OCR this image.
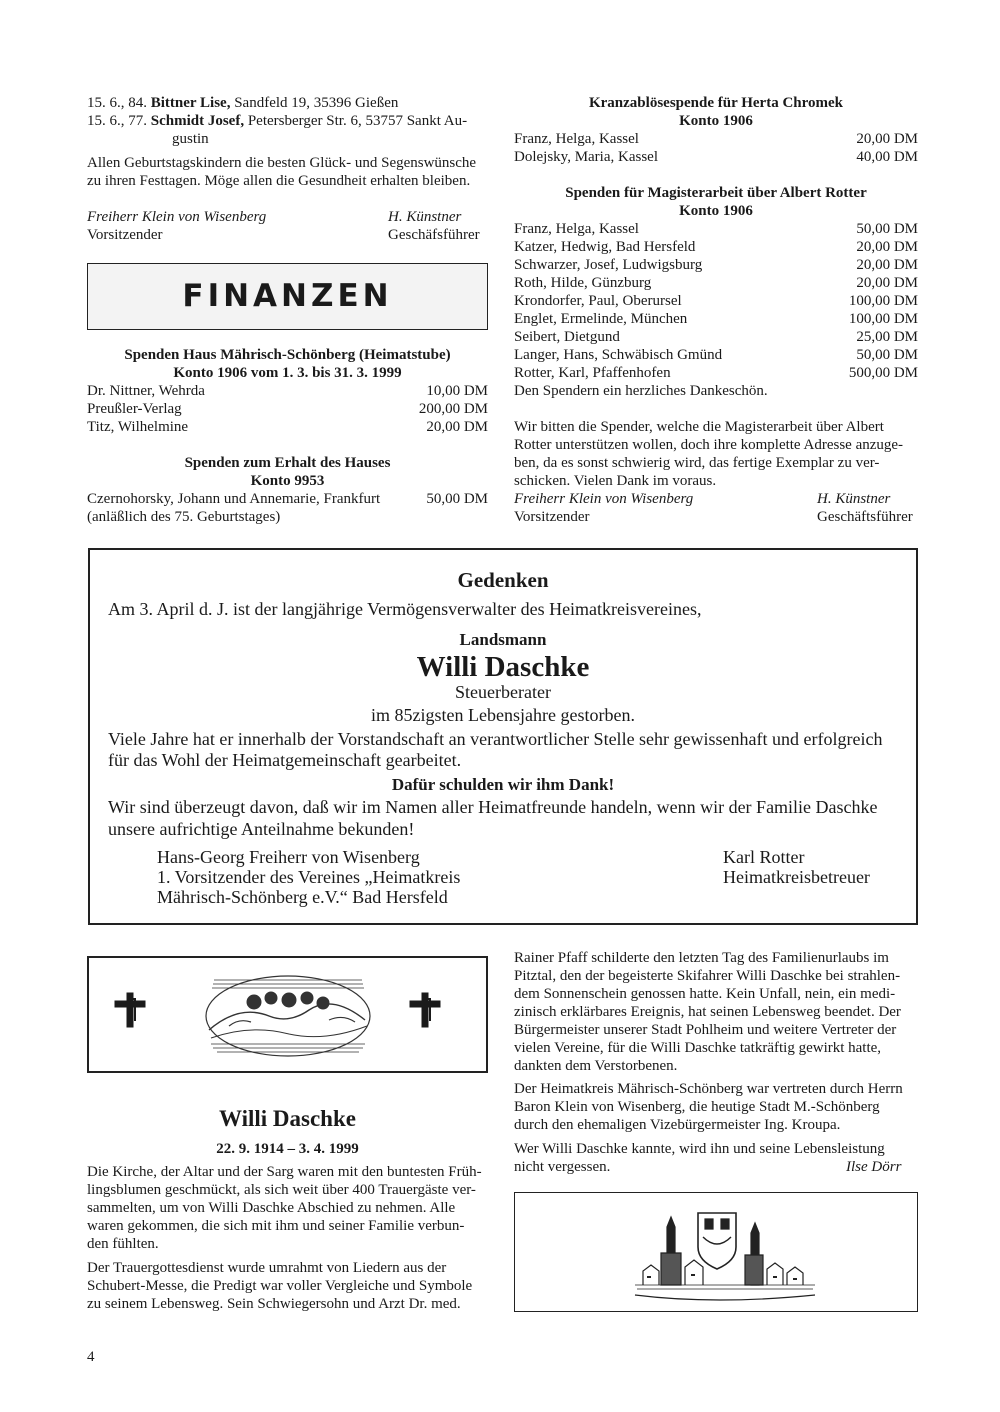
15. 6., 84. Bittner Lise, Sandfeld 19, 35396 Gießen
15. 6., 77. Schmidt Josef, Petersberger Str. 6, 53757 Sankt Au-
gustin
Allen Geburtstagskindern die besten Glück- und Segenswünsche
zu ihren Festtagen. Möge allen die Gesundheit erhalten bleiben.
Freiherr Klein von Wisenberg
Vorsitzender
H. Künstner
Geschäfsführer
FINANZEN
Spenden Haus Mährisch-Schönberg (Heimatstube)
Konto 1906 vom 1. 3. bis 31. 3. 1999
Dr. Nittner, Wehrda	10,00 DM
Preußler-Verlag	200,00 DM
Titz, Wilhelmine	20,00 DM
Spenden zum Erhalt des Hauses
Konto 9953
Czernohorsky, Johann und Annemarie, Frankfurt	50,00 DM
(anläßlich des 75. Geburtstages)
Kranzablösespende für Herta Chromek
Konto 1906
Franz, Helga, Kassel	20,00 DM
Dolejsky, Maria, Kassel	40,00 DM
Spenden für Magisterarbeit über Albert Rotter
Konto 1906
Franz, Helga, Kassel	50,00 DM
Katzer, Hedwig, Bad Hersfeld	20,00 DM
Schwarzer, Josef, Ludwigsburg	20,00 DM
Roth, Hilde, Günzburg	20,00 DM
Krondorfer, Paul, Oberursel	100,00 DM
Englet, Ermelinde, München	100,00 DM
Seibert, Dietgund	25,00 DM
Langer, Hans, Schwäbisch Gmünd	50,00 DM
Rotter, Karl, Pfaffenhofen	500,00 DM
Den Spendern ein herzliches Dankeschön.
Wir bitten die Spender, welche die Magisterarbeit über Albert
Rotter unterstützen wollen, doch ihre komplette Adresse anzuge-
ben, da es sonst schwierig wird, das fertige Exemplar zu ver-
schicken. Vielen Dank im voraus.
Freiherr Klein von Wisenberg
Vorsitzender
H. Künstner
Geschäftsführer
Gedenken
Am 3. April d. J. ist der langjährige Vermögensverwalter des Heimatkreisvereines,
Landsmann
Willi Daschke
Steuerberater
im 85zigsten Lebensjahre gestorben.
Viele Jahre hat er innerhalb der Vorstandschaft an verantwortlicher Stelle sehr gewissenhaft und erfolgreich
für das Wohl der Heimatgemeinschaft gearbeitet.
Dafür schulden wir ihm Dank!
Wir sind überzeugt davon, daß wir im Namen aller Heimatfreunde handeln, wenn wir der Familie Daschke
unsere aufrichtige Anteilnahme bekunden!
Hans-Georg Freiherr von Wisenberg
1. Vorsitzender des Vereines „Heimatkreis
Mährisch-Schönberg e.V.“ Bad Hersfeld
Karl Rotter
Heimatkreisbetreuer
Willi Daschke
22. 9. 1914 – 3. 4. 1999
Die Kirche, der Altar und der Sarg waren mit den buntesten Früh-
lingsblumen geschmückt, als sich weit über 400 Trauergäste ver-
sammelten, um von Willi Daschke Abschied zu nehmen. Alle
waren gekommen, die sich mit ihm und seiner Familie verbun-
den fühlten.
Der Trauergottesdienst wurde umrahmt von Liedern aus der
Schubert-Messe, die Predigt war voller Vergleiche und Symbole
zu seinem Lebensweg. Sein Schwiegersohn und Arzt Dr. med.
Rainer Pfaff schilderte den letzten Tag des Familienurlaubs im
Pitztal, den der begeisterte Skifahrer Willi Daschke bei strahlen-
dem Sonnenschein genossen hatte. Kein Unfall, nein, ein medi-
zinisch erklärbares Ereignis, hat seinen Lebensweg beendet. Der
Bürgermeister unserer Stadt Pohlheim und weitere Vertreter der
vielen Vereine, für die Willi Daschke tatkräftig gewirkt hatte,
dankten dem Verstorbenen.
Der Heimatkreis Mährisch-Schönberg war vertreten durch Herrn
Baron Klein von Wisenberg, die heutige Stadt M.-Schönberg
durch den ehemaligen Vizebürgermeister Ing. Kroupa.
Wer Willi Daschke kannte, wird ihn und seine Lebensleistung
nicht vergessen.	Ilse Dörr
4
